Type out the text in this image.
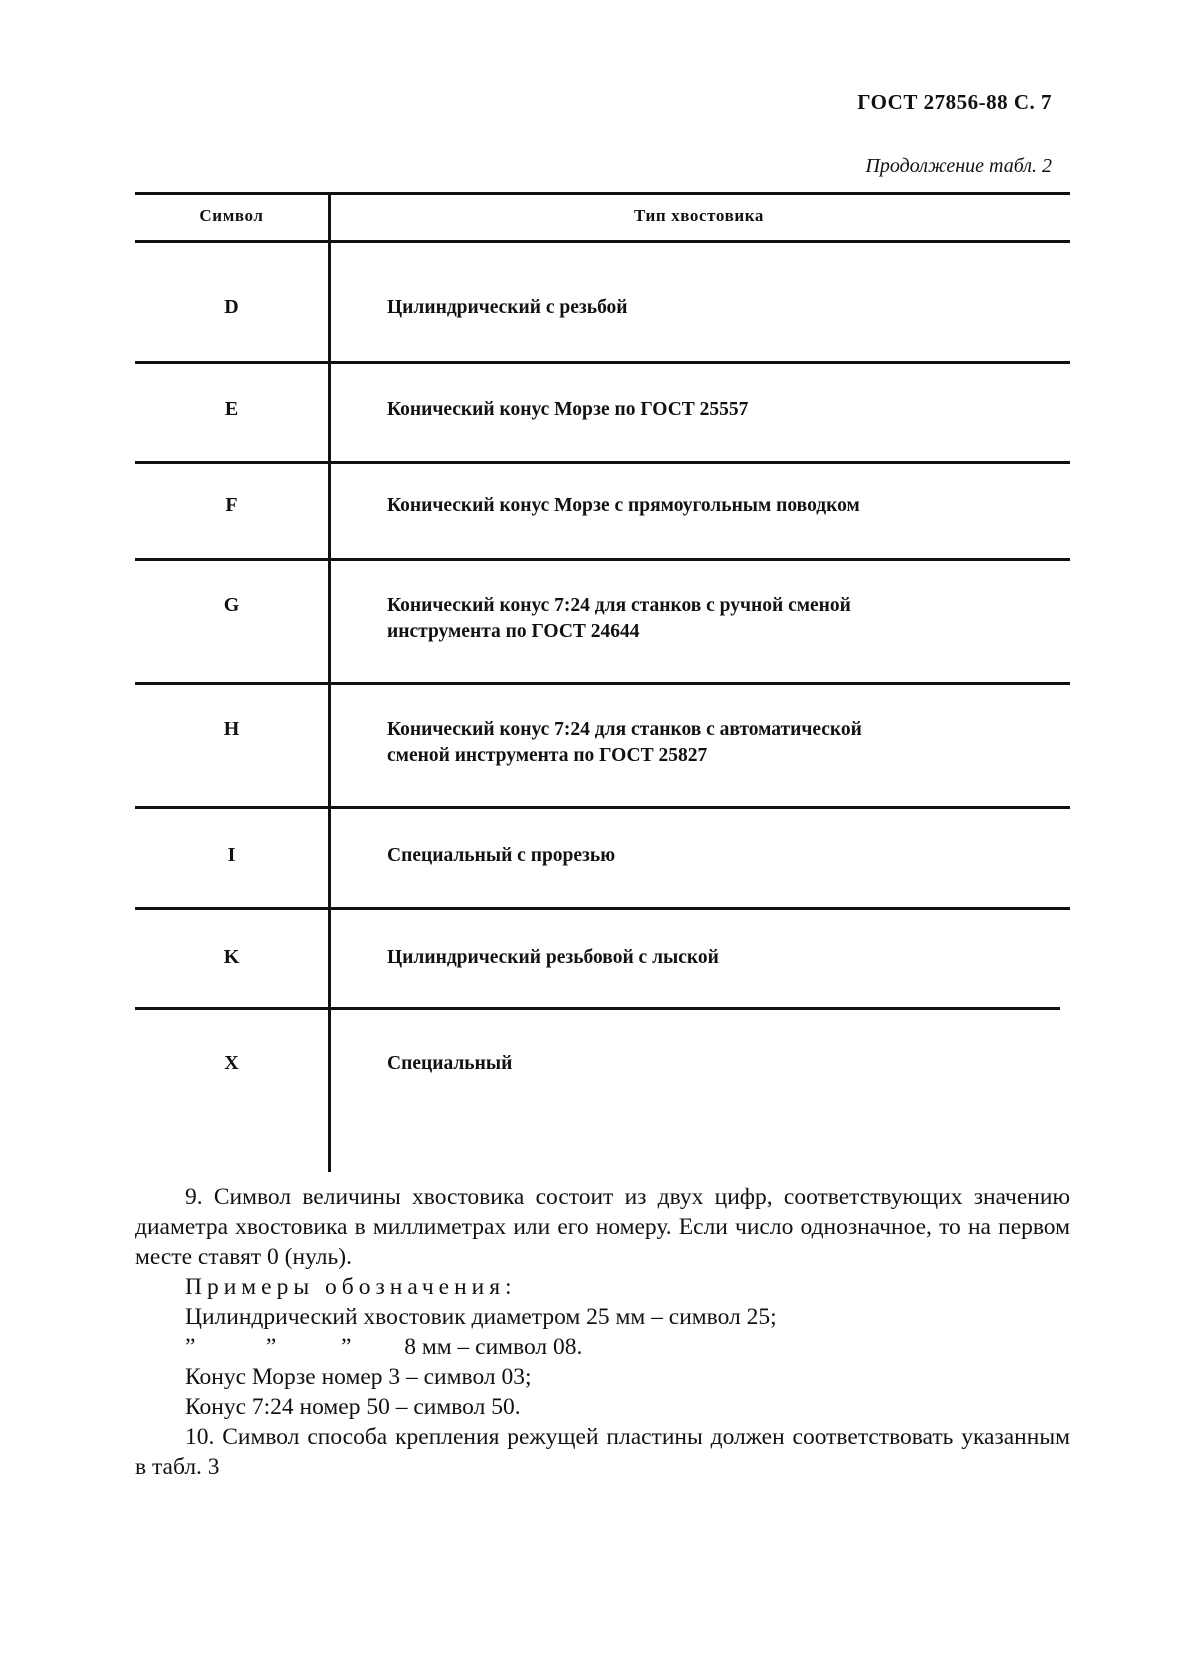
ГОСТ 27856-88 С. 7
Продолжение табл. 2
Символ	Тип хвостовика
D	Цилиндрический с резьбой
E	Конический конус Морзе по ГОСТ 25557
F	Конический конус Морзе с прямоугольным поводком
G	Конический конус 7:24 для станков с ручной сменой
инструмента по ГОСТ 24644
H	Конический конус 7:24 для станков с автоматической
сменой инструмента по ГОСТ 25827
I	Специальный с прорезью
K	Цилиндрический резьбовой с лыской
X	Специальный
9. Символ величины хвостовика состоит из двух цифр, соответствующих значению диаметра хвостовика в миллиметрах или его номеру. Если число однозначное, то на первом месте ставят 0 (нуль).
Примеры обозначения:
Цилиндрический хвостовик диаметром 25 мм – символ 25;
”            ”           ”         8 мм – символ 08.
Конус Морзе номер 3 – символ 03;
Конус 7:24 номер 50 – символ 50.
10. Символ способа крепления режущей пластины должен соответствовать указанным в табл. 3
